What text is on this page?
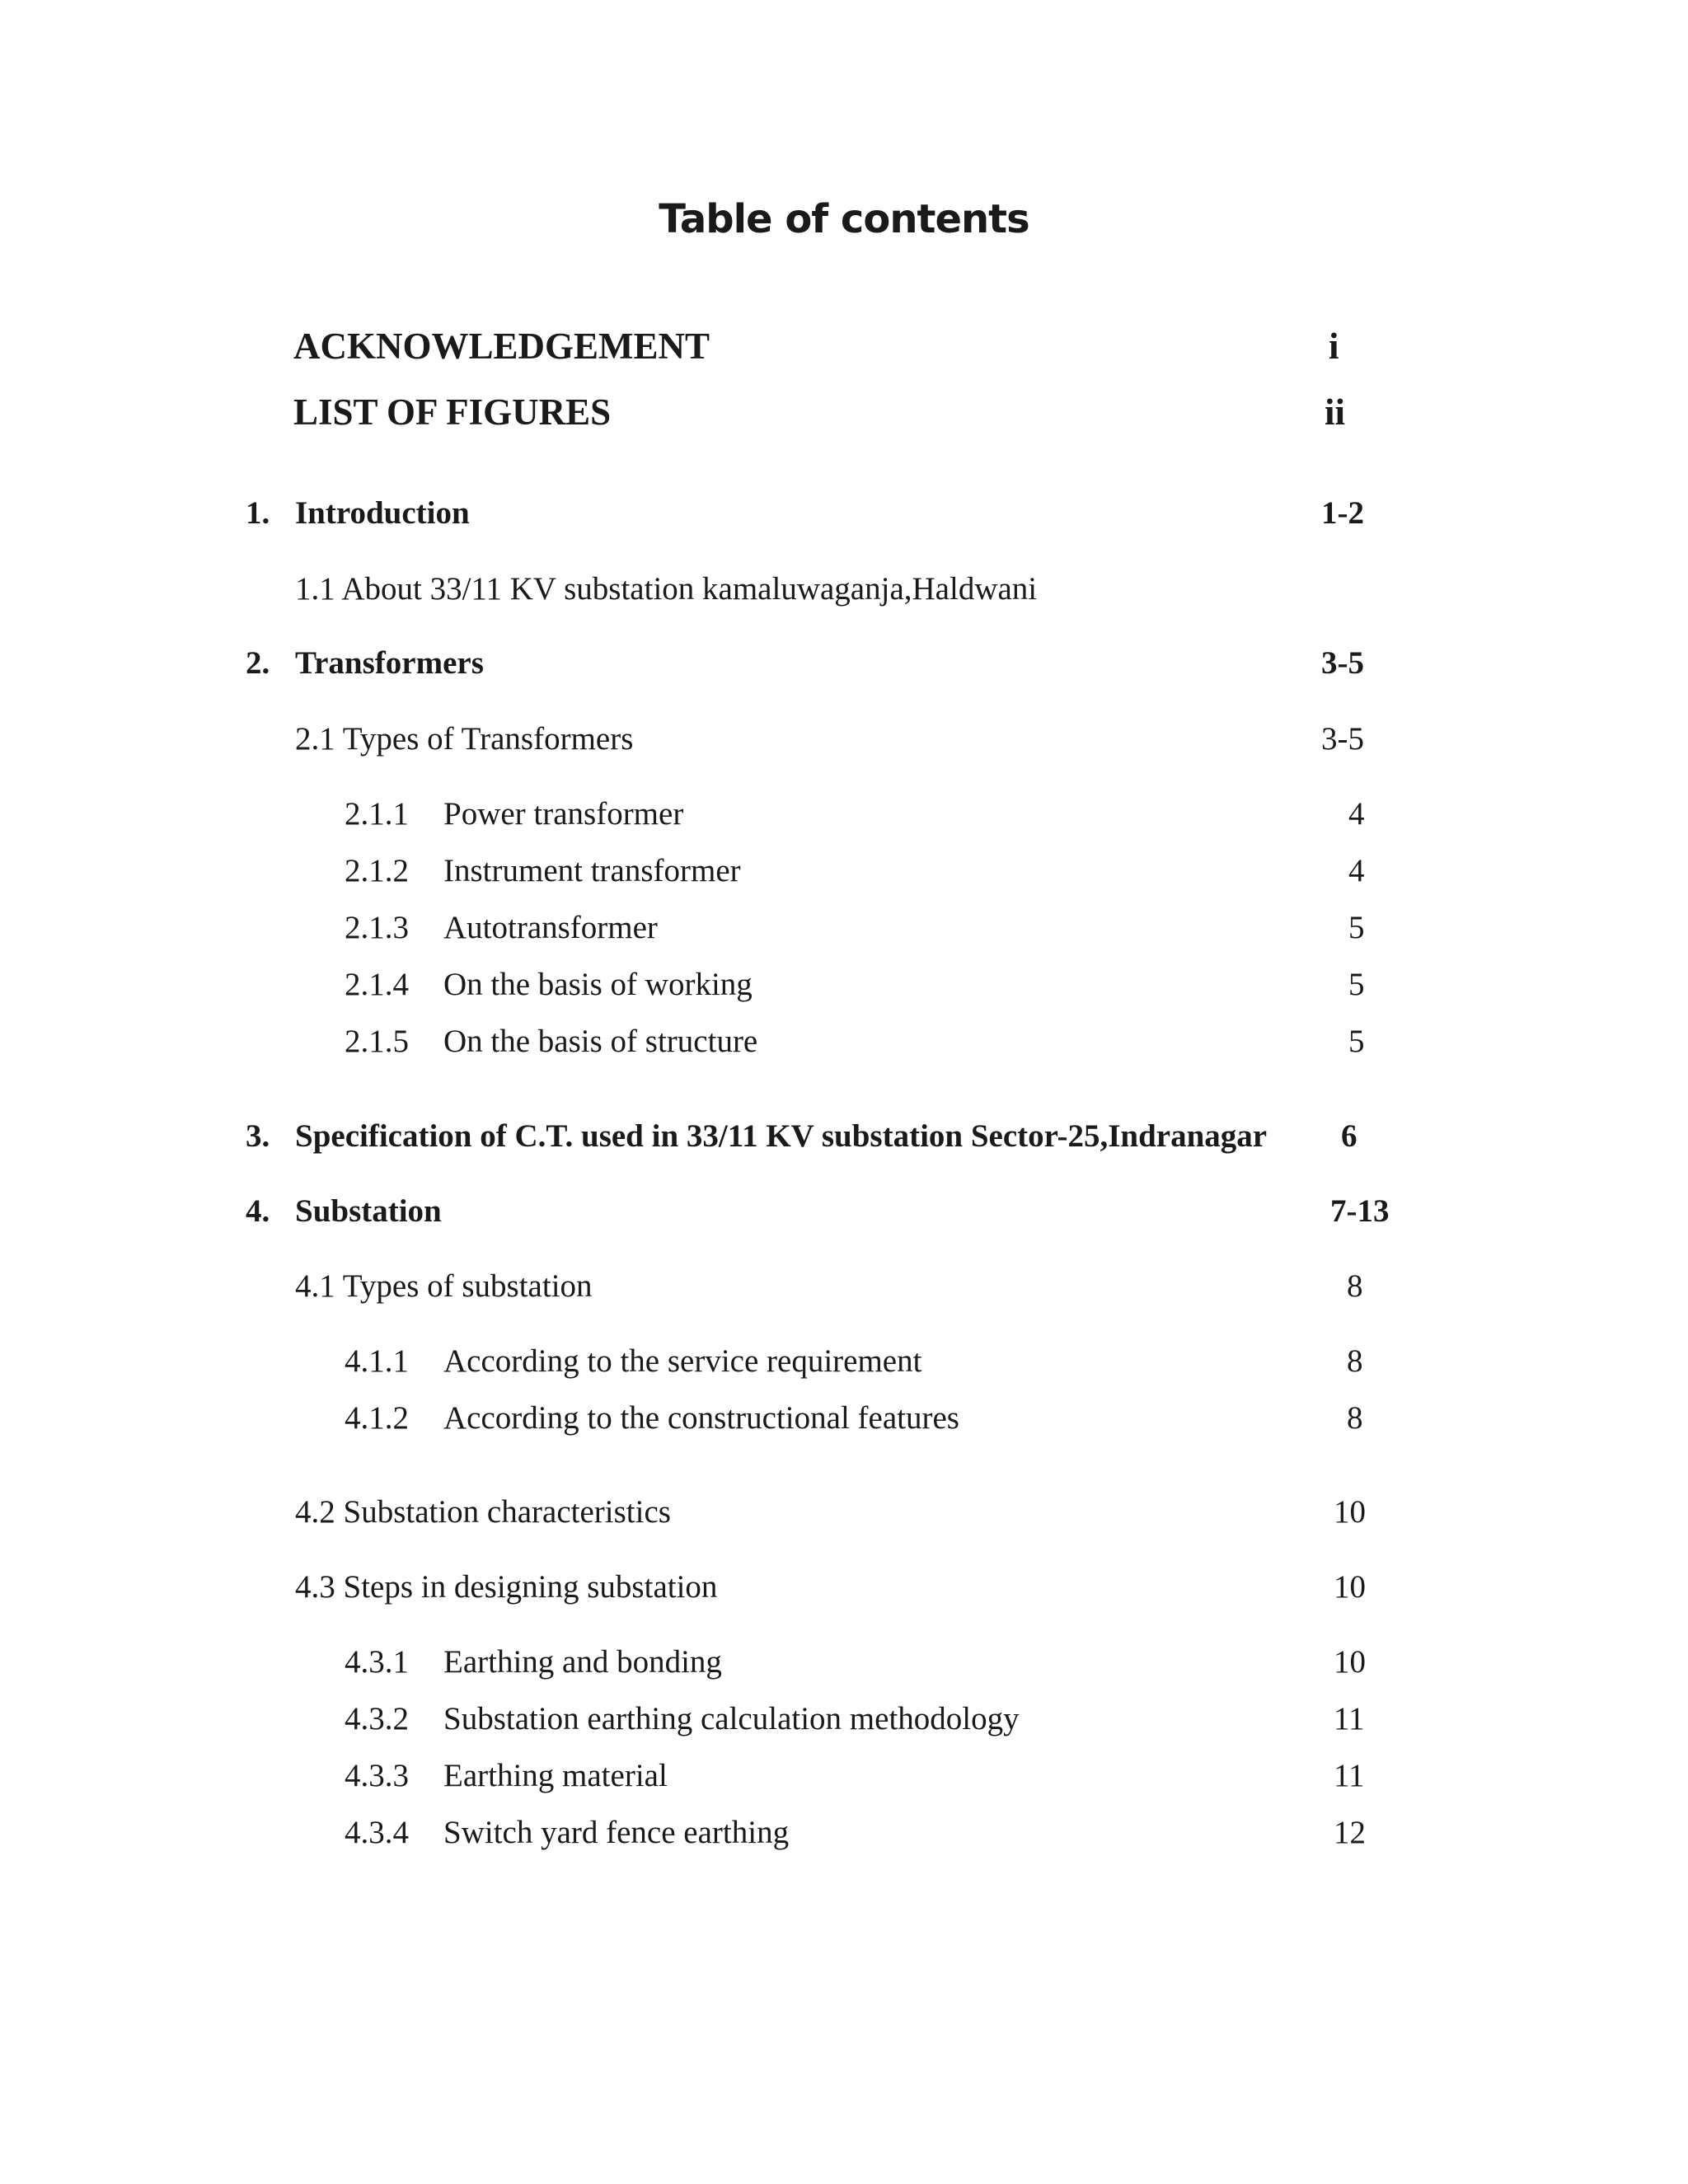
Table of contents
ACKNOWLEDGEMENT	i
LIST OF FIGURES	ii
1. Introduction	1-2
1.1 About 33/11 KV substation kamaluwaganja,Haldwani
2. Transformers	3-5
2.1 Types of Transformers	3-5
2.1.1 Power transformer	4
2.1.2 Instrument transformer	4
2.1.3 Autotransformer	5
2.1.4 On the basis of working	5
2.1.5 On the basis of structure	5
3. Specification of C.T. used in 33/11 KV substation Sector-25,Indranagar 6
4. Substation	7-13
4.1 Types of substation	8
4.1.1 According to the service requirement	8
4.1.2 According to the constructional features	8
4.2 Substation characteristics	10
4.3 Steps in designing substation	10
4.3.1 Earthing and bonding	10
4.3.2 Substation earthing calculation methodology	11
4.3.3 Earthing material	11
4.3.4 Switch yard fence earthing	12
